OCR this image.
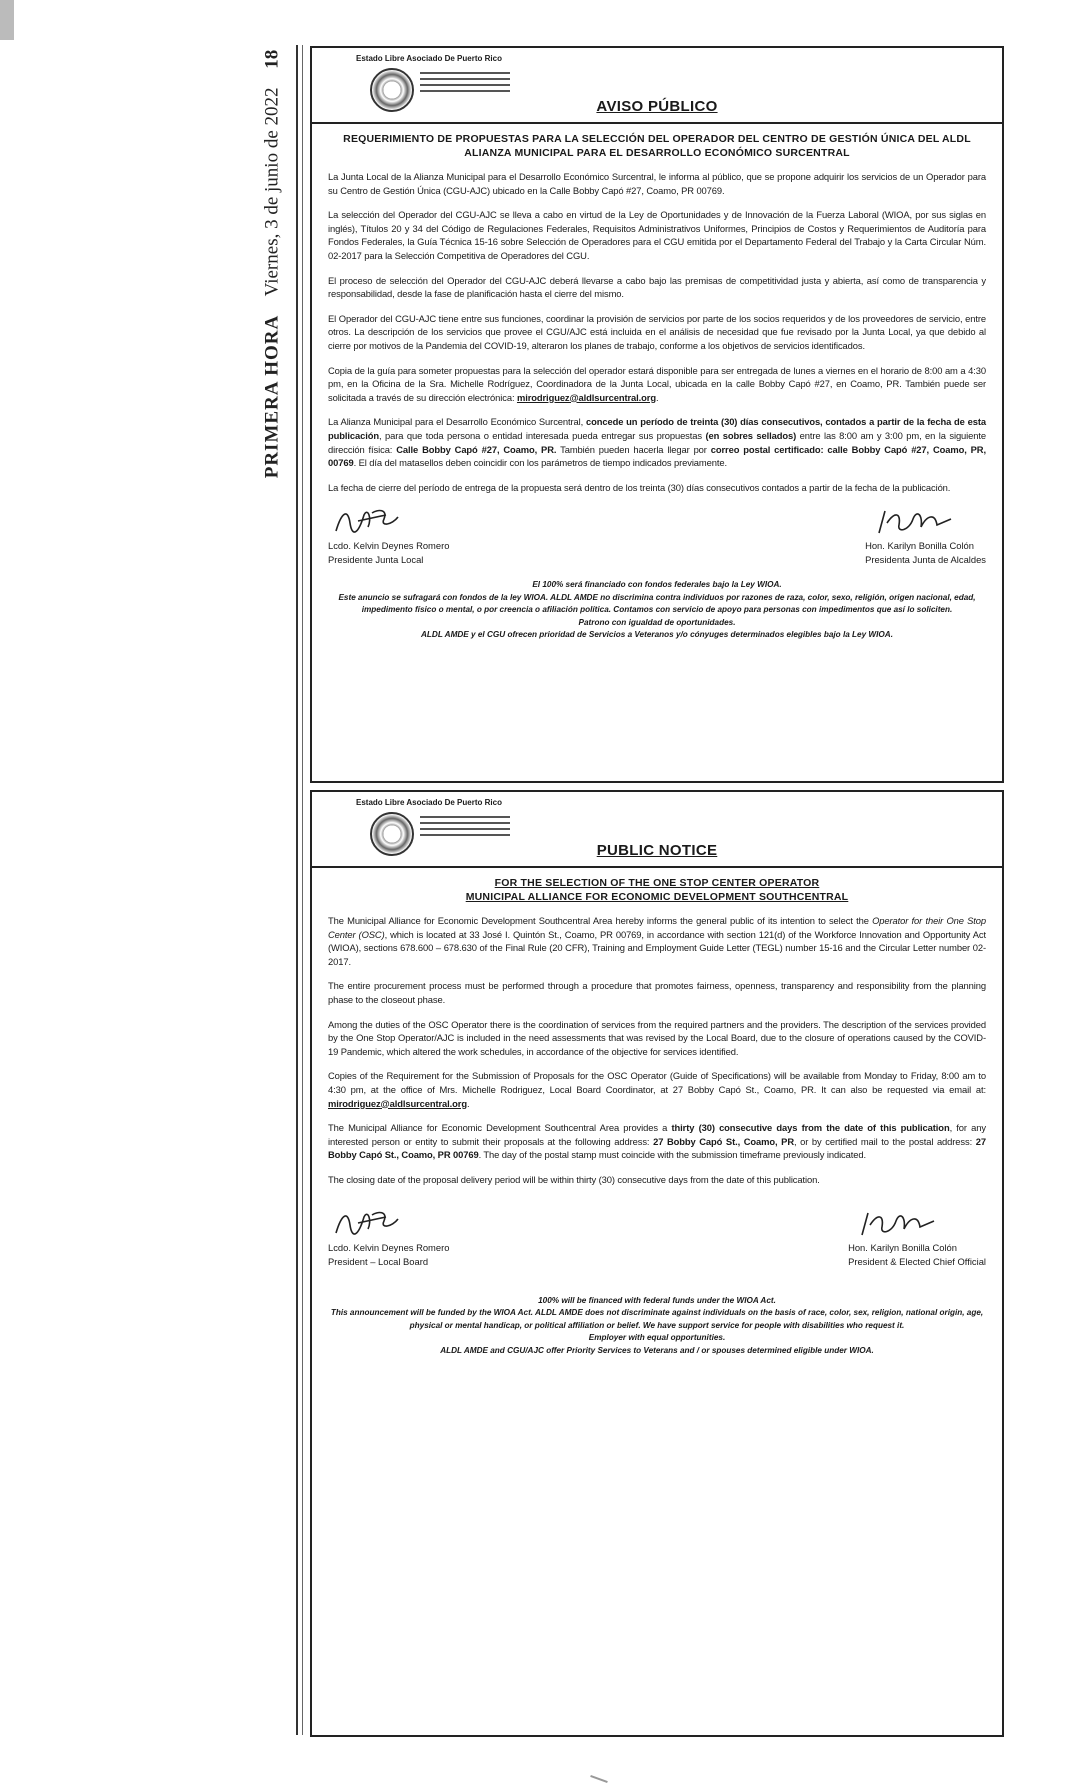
PRIMERA HORA Viernes, 3 de junio de 2022 18	Estado Libre Asociado De Puerto Rico
AVISO PÚBLICO
REQUERIMIENTO DE PROPUESTAS PARA LA SELECCIÓN DEL OPERADOR DEL CENTRO DE GESTIÓN ÚNICA DEL ALDL ALIANZA MUNICIPAL PARA EL DESARROLLO ECONÓMICO SURCENTRAL

La Junta Local de la Alianza Municipal para el Desarrollo Económico Surcentral, le informa al público, que se propone adquirir los servicios de un Operador para su Centro de Gestión Única (CGU-AJC) ubicado en la Calle Bobby Capó #27, Coamo, PR 00769.

La selección del Operador del CGU-AJC se lleva a cabo en virtud de la Ley de Oportunidades y de Innovación de la Fuerza Laboral (WIOA, por sus siglas en inglés), Títulos 20 y 34 del Código de Regulaciones Federales, Requisitos Administrativos Uniformes, Principios de Costos y Requerimientos de Auditoría para Fondos Federales, la Guía Técnica 15-16 sobre Selección de Operadores para el CGU emitida por el Departamento Federal del Trabajo y la Carta Circular Núm. 02-2017 para la Selección Competitiva de Operadores del CGU.

El proceso de selección del Operador del CGU-AJC deberá llevarse a cabo bajo las premisas de competitividad justa y abierta, así como de transparencia y responsabilidad, desde la fase de planificación hasta el cierre del mismo.

El Operador del CGU-AJC tiene entre sus funciones, coordinar la provisión de servicios por parte de los socios requeridos y de los proveedores de servicio, entre otros. La descripción de los servicios que provee el CGU/AJC está incluida en el análisis de necesidad que fue revisado por la Junta Local, ya que debido al cierre por motivos de la Pandemia del COVID-19, alteraron los planes de trabajo, conforme a los objetivos de servicios identificados.

Copia de la guía para someter propuestas para la selección del operador estará disponible para ser entregada de lunes a viernes en el horario de 8:00 am a 4:30 pm, en la Oficina de la Sra. Michelle Rodríguez, Coordinadora de la Junta Local, ubicada en la calle Bobby Capó #27, en Coamo, PR. También puede ser solicitada a través de su dirección electrónica: mirodriguez@aldlsurcentral.org.

La Alianza Municipal para el Desarrollo Económico Surcentral, concede un período de treinta (30) días consecutivos, contados a partir de la fecha de esta publicación, para que toda persona o entidad interesada pueda entregar sus propuestas (en sobres sellados) entre las 8:00 am y 3:00 pm, en la siguiente dirección física: Calle Bobby Capó #27, Coamo, PR. También pueden hacerla llegar por correo postal certificado: calle Bobby Capó #27, Coamo, PR, 00769. El día del matasellos deben coincidir con los parámetros de tiempo indicados previamente.

La fecha de cierre del período de entrega de la propuesta será dentro de los treinta (30) días consecutivos contados a partir de la fecha de la publicación.

Lcdo. Kelvin Deynes Romero
Presidente Junta Local
Hon. Karilyn Bonilla Colón
Presidenta Junta de Alcaldes
El 100% será financiado con fondos federales bajo la Ley WIOA.
Este anuncio se sufragará con fondos de la ley WIOA. ALDL AMDE no discrimina contra individuos por razones de raza, color, sexo, religión, origen nacional, edad, impedimento físico o mental, o por creencia o afiliación política. Contamos con servicio de apoyo para personas con impedimentos que así lo soliciten.
Patrono con igualdad de oportunidades.
ALDL AMDE y el CGU ofrecen prioridad de Servicios a Veteranos y/o cónyuges determinados elegibles bajo la Ley WIOA.
Estado Libre Asociado De Puerto Rico
PUBLIC NOTICE
FOR THE SELECTION OF THE ONE STOP CENTER OPERATOR
MUNICIPAL ALLIANCE FOR ECONOMIC DEVELOPMENT SOUTHCENTRAL

The Municipal Alliance for Economic Development Southcentral Area hereby informs the general public of its intention to select the Operator for their One Stop Center (OSC), which is located at 33 José I. Quintón St., Coamo, PR 00769, in accordance with section 121(d) of the Workforce Innovation and Opportunity Act (WIOA), sections 678.600 – 678.630 of the Final Rule (20 CFR), Training and Employment Guide Letter (TEGL) number 15-16 and the Circular Letter number 02-2017.

The entire procurement process must be performed through a procedure that promotes fairness, openness, transparency and responsibility from the planning phase to the closeout phase.

Among the duties of the OSC Operator there is the coordination of services from the required partners and the providers. The description of the services provided by the One Stop Operator/AJC is included in the need assessments that was revised by the Local Board, due to the closure of operations caused by the COVID-19 Pandemic, which altered the work schedules, in accordance of the objective for services identified.

Copies of the Requirement for the Submission of Proposals for the OSC Operator (Guide of Specifications) will be available from Monday to Friday, 8:00 am to 4:30 pm, at the office of Mrs. Michelle Rodriguez, Local Board Coordinator, at 27 Bobby Capó St., Coamo, PR. It can also be requested via email at: mirodriguez@aldlsurcentral.org.

The Municipal Alliance for Economic Development Southcentral Area provides a thirty (30) consecutive days from the date of this publication, for any interested person or entity to submit their proposals at the following address: 27 Bobby Capó St., Coamo, PR, or by certified mail to the postal address: 27 Bobby Capó St., Coamo, PR 00769. The day of the postal stamp must coincide with the submission timeframe previously indicated.

The closing date of the proposal delivery period will be within thirty (30) consecutive days from the date of this publication.

Lcdo. Kelvin Deynes Romero
President – Local Board
Hon. Karilyn Bonilla Colón
President & Elected Chief Official
100% will be financed with federal funds under the WIOA Act.
This announcement will be funded by the WIOA Act. ALDL AMDE does not discriminate against individuals on the basis of race, color, sex, religion, national origin, age, physical or mental handicap, or political affiliation or belief. We have support service for people with disabilities who request it.
Employer with equal opportunities.
ALDL AMDE and CGU/AJC offer Priority Services to Veterans and / or spouses determined eligible under WIOA.
